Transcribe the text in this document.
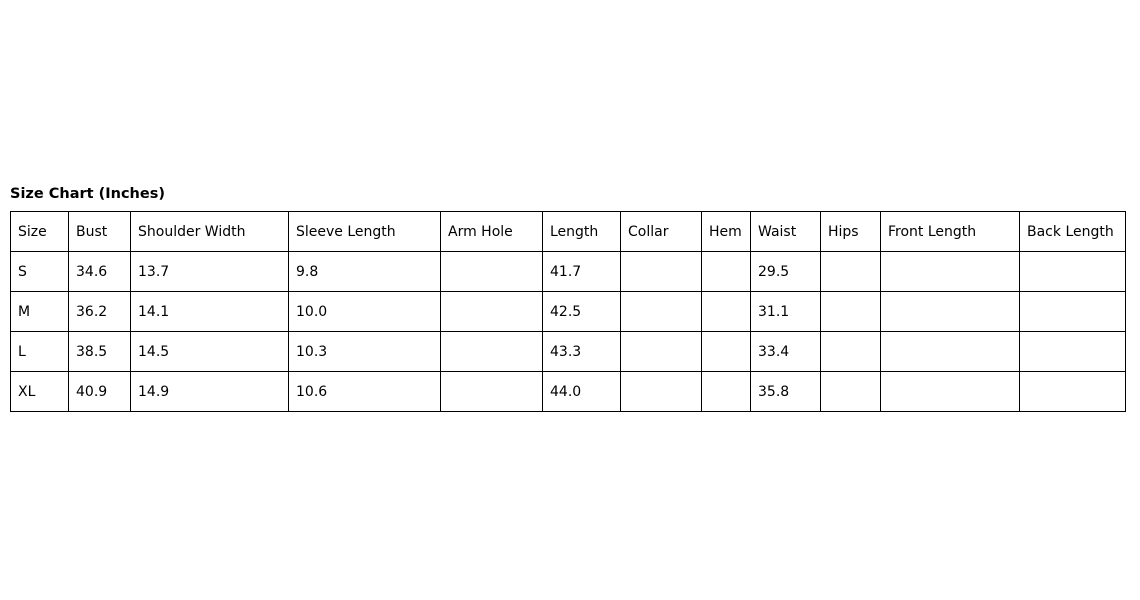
Size Chart (Inches)
Size	Bust	Shoulder Width	Sleeve Length	Arm Hole	Length	Collar	Hem	Waist	Hips	Front Length	Back Length
S	34.6	13.7	9.8		41.7			29.5			
M	36.2	14.1	10.0		42.5			31.1			
L	38.5	14.5	10.3		43.3			33.4			
XL	40.9	14.9	10.6		44.0			35.8			
